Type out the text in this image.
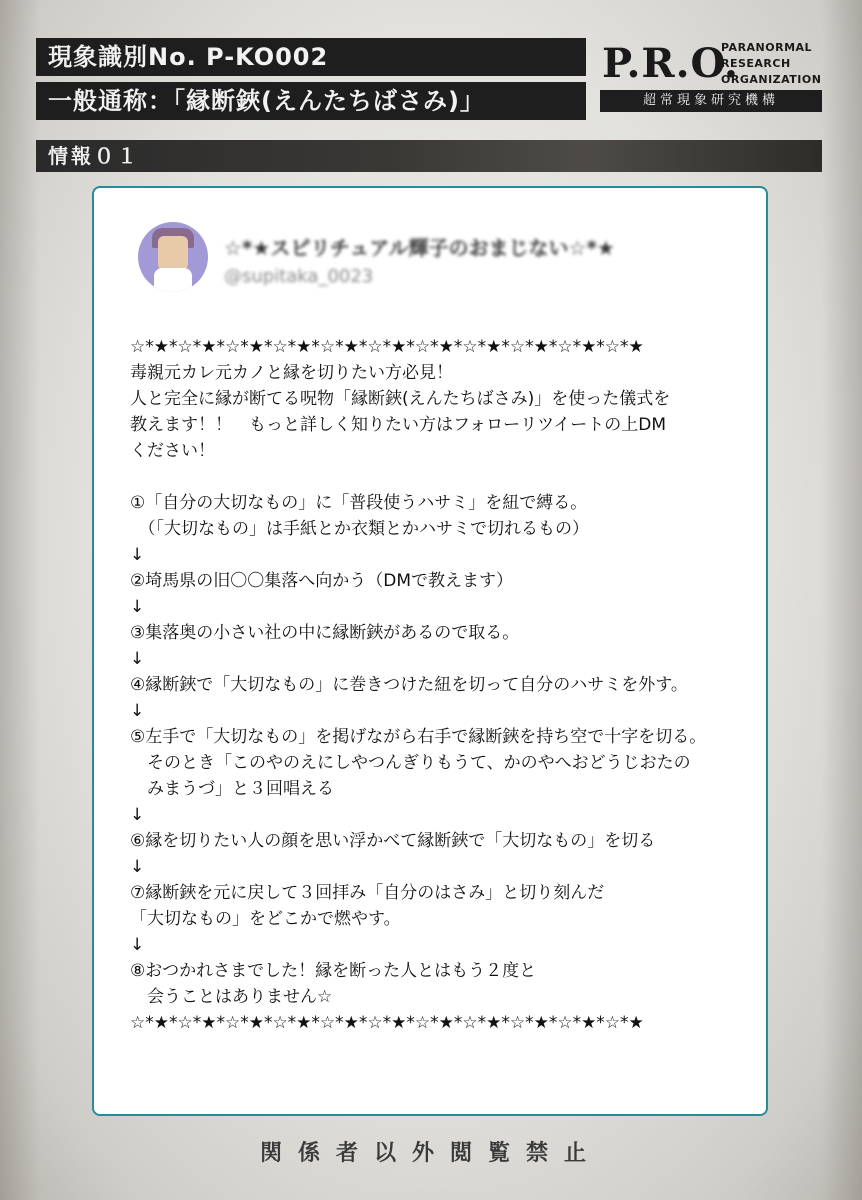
現象識別No. P-KO002
一般通称：「縁断鋏(えんたちばさみ)」
P.R.O.
PARANORMAL
RESEARCH
ORGANIZATION
超常現象研究機構
情報０１
☆*★スピリチュアル輝子のおまじない☆*★
@supitaka_0023
☆*★*☆*★*☆*★*☆*★*☆*★*☆*★*☆*★*☆*★*☆*★*☆*★*☆*★
毒親元カレ元カノと縁を切りたい方必見！
人と完全に縁が断てる呪物「縁断鋏(えんたちばさみ)」を使った儀式を
教えます！！　もっと詳しく知りたい方はフォローリツイートの上DM
ください！
①「自分の大切なもの」に「普段使うハサミ」を紐で縛る。
　（「大切なもの」は手紙とか衣類とかハサミで切れるもの）
↓
②埼馬県の旧〇〇集落へ向かう（DMで教えます）
↓
③集落奥の小さい社の中に縁断鋏があるので取る。
↓
④縁断鋏で「大切なもの」に巻きつけた紐を切って自分のハサミを外す。
↓
⑤左手で「大切なもの」を掲げながら右手で縁断鋏を持ち空で十字を切る。
　そのとき「このやのえにしやつんぎりもうて、かのやへおどうじおたの
　みまうづ」と３回唱える
↓
⑥縁を切りたい人の顔を思い浮かべて縁断鋏で「大切なもの」を切る
↓
⑦縁断鋏を元に戻して３回拝み「自分のはさみ」と切り刻んだ
「大切なもの」をどこかで燃やす。
↓
⑧おつかれさまでした！縁を断った人とはもう２度と
　会うことはありません☆
☆*★*☆*★*☆*★*☆*★*☆*★*☆*★*☆*★*☆*★*☆*★*☆*★*☆*★
関係者以外閲覧禁止
